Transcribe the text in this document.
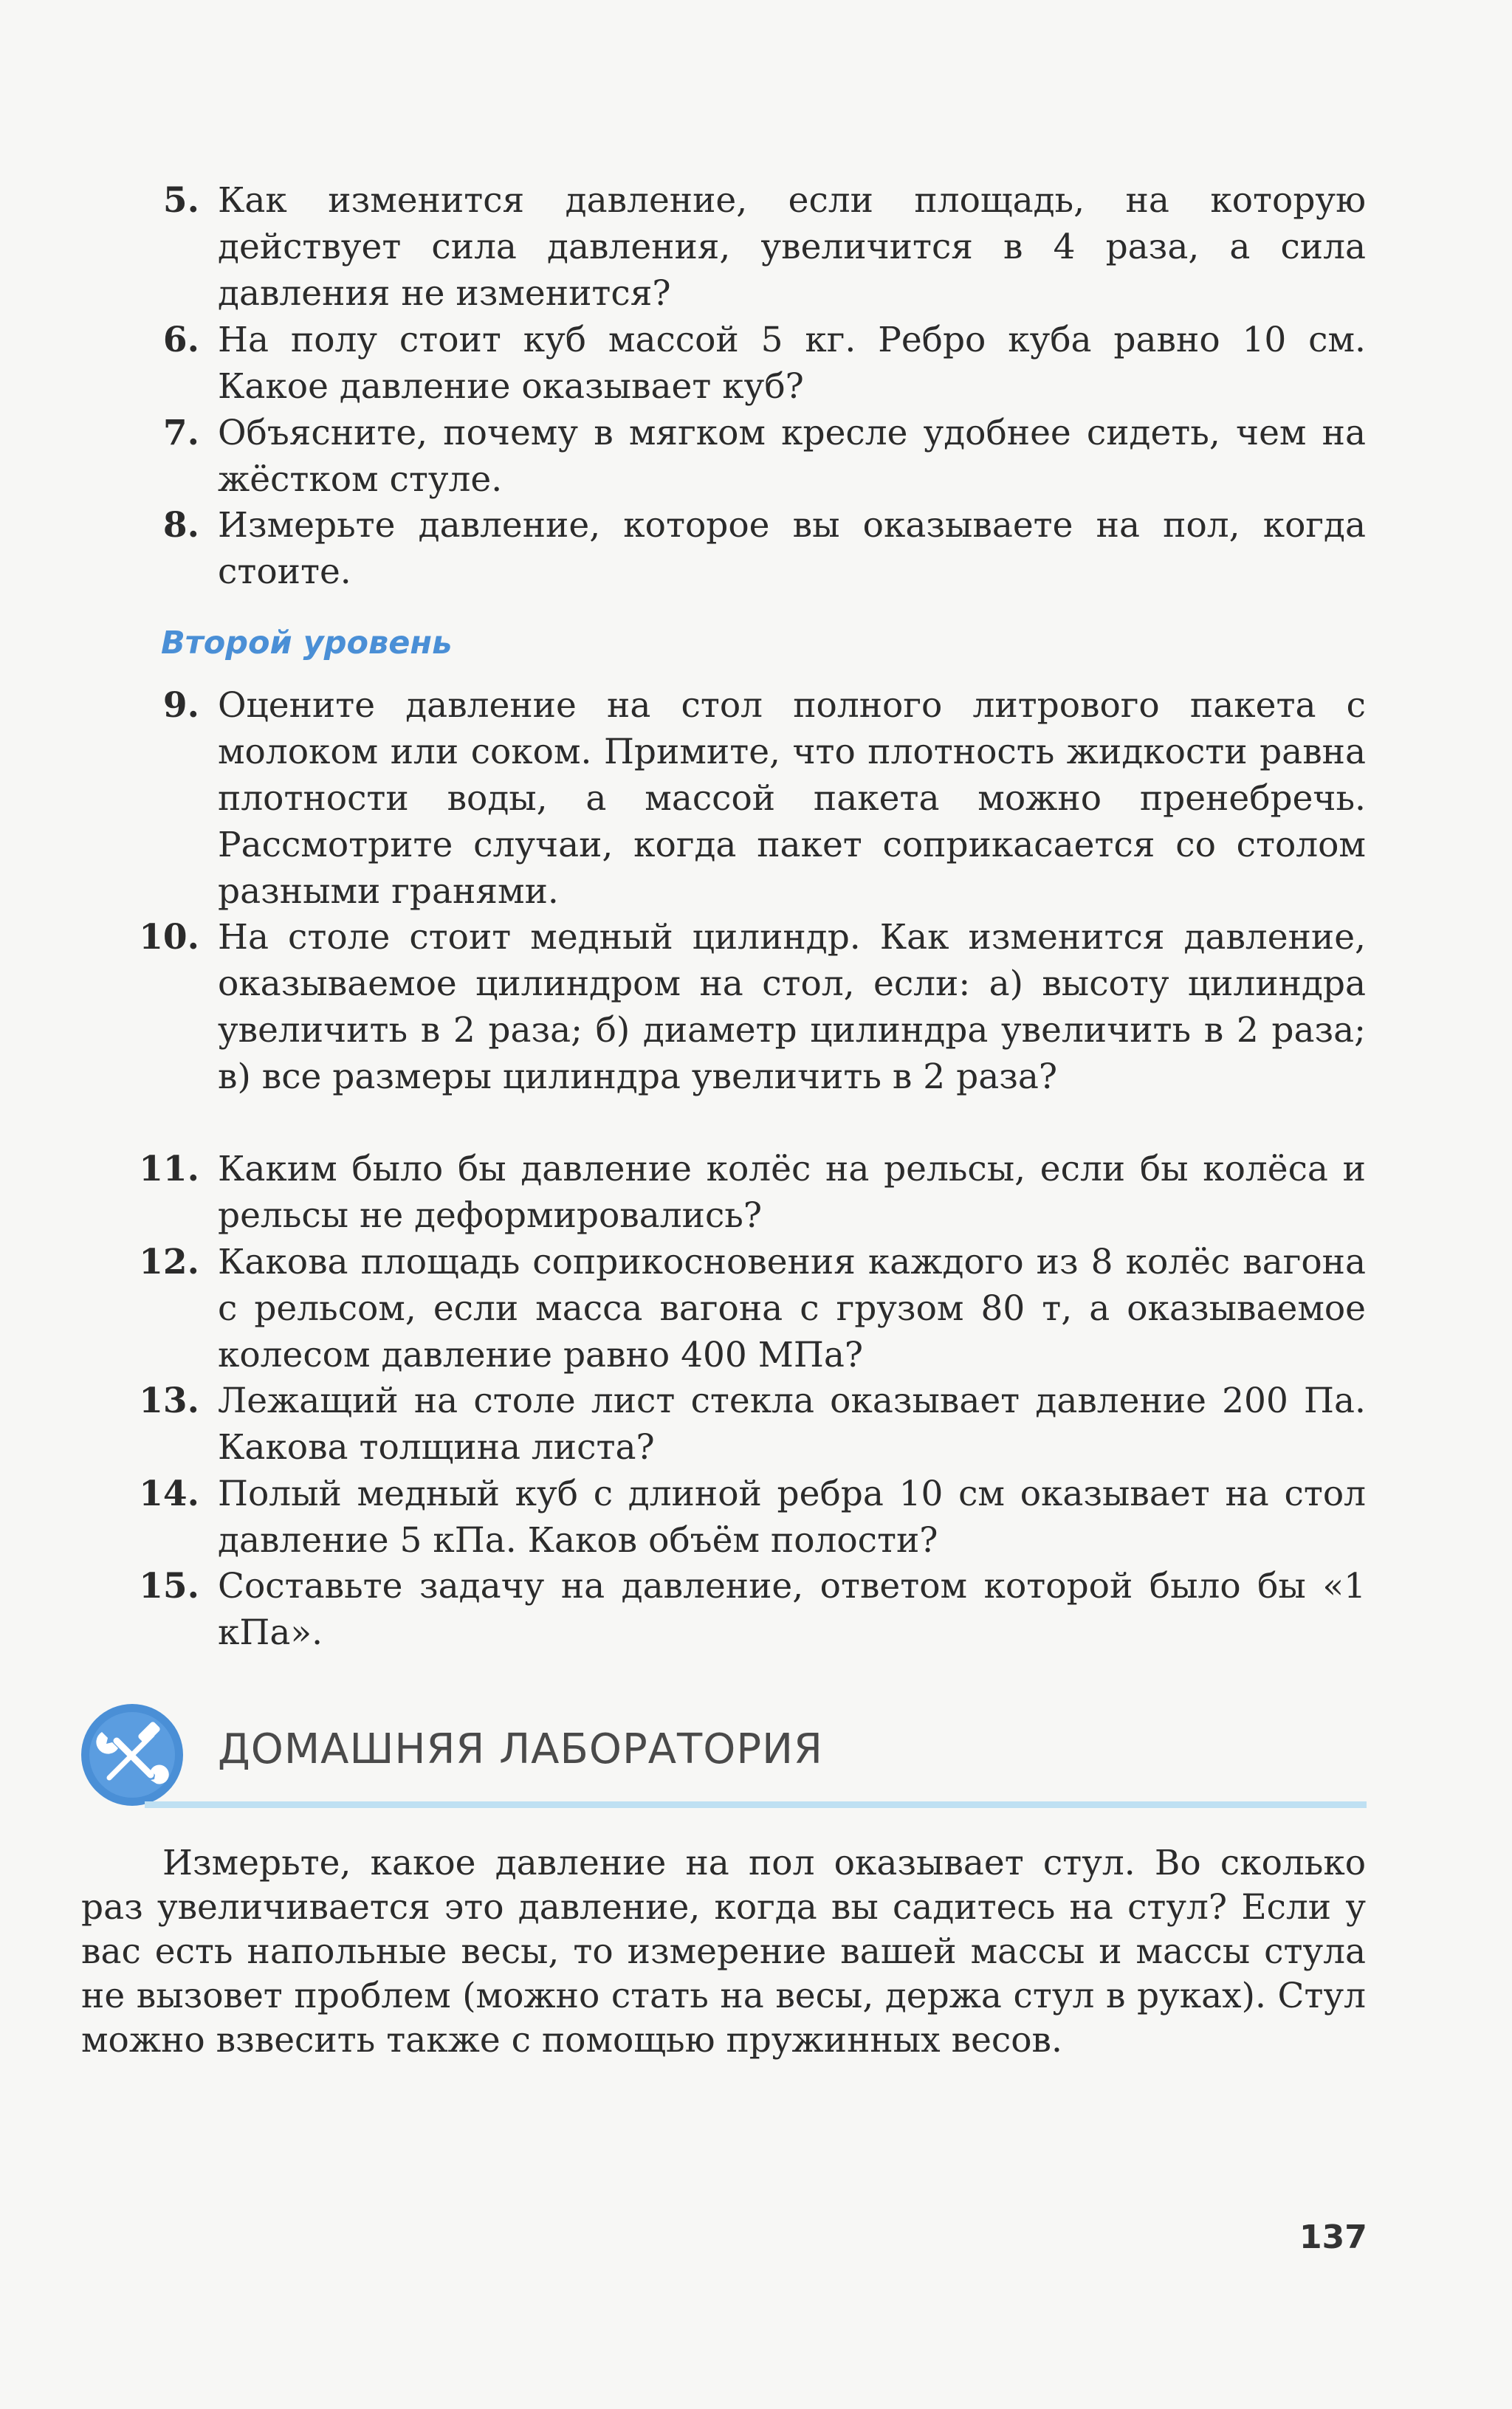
5. Как изменится давление, если площадь, на которую действует сила давления, увеличится в 4 раза, а сила давления не изменится?
6. На полу стоит куб массой 5 кг. Ребро куба равно 10 см. Какое давление оказывает куб?
7. Объясните, почему в мягком кресле удобнее сидеть, чем на жёстком стуле.
8. Измерьте давление, которое вы оказываете на пол, когда стоите.
Второй уровень
9. Оцените давление на стол полного литрового пакета с молоком или соком. Примите, что плотность жидкости равна плотности воды, а массой пакета можно пренебречь. Рассмотрите случаи, когда пакет соприкасается со столом разными гранями.
10. На столе стоит медный цилиндр. Как изменится давление, оказываемое цилиндром на стол, если: а) высоту цилиндра увеличить в 2 раза; б) диаметр цилиндра увеличить в 2 раза; в) все размеры цилиндра увеличить в 2 раза?
11. Каким было бы давление колёс на рельсы, если бы колёса и рельсы не деформировались?
12. Какова площадь соприкосновения каждого из 8 колёс вагона с рельсом, если масса вагона с грузом 80 т, а оказываемое колесом давление равно 400 МПа?
13. Лежащий на столе лист стекла оказывает давление 200 Па. Какова толщина листа?
14. Полый медный куб с длиной ребра 10 см оказывает на стол давление 5 кПа. Каков объём полости?
15. Составьте задачу на давление, ответом которой было бы «1 кПа».
ДОМАШНЯЯ ЛАБОРАТОРИЯ
Измерьте, какое давление на пол оказывает стул. Во сколько раз увеличивается это давление, когда вы садитесь на стул? Если у вас есть напольные весы, то измерение вашей массы и массы стула не вызовет проблем (можно стать на весы, держа стул в руках). Стул можно взвесить также с помощью пружинных весов.
137
